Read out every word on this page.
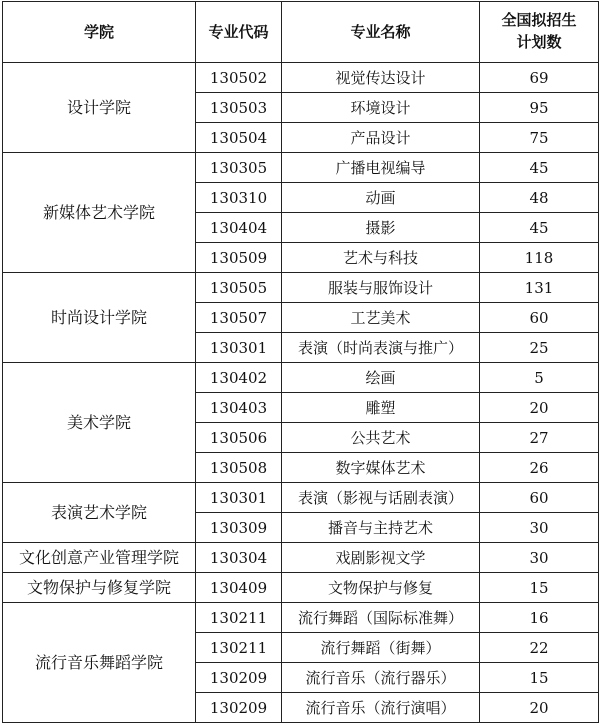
学院	专业代码	专业名称	全国拟招生
计划数
设计学院	130502	视觉传达设计	69
	130503	环境设计	95
	130504	产品设计	75
新媒体艺术学院	130305	广播电视编导	45
	130310	动画	48
	130404	摄影	45
	130509	艺术与科技	118
时尚设计学院	130505	服装与服饰设计	131
	130507	工艺美术	60
	130301	表演（时尚表演与推广）	25
美术学院	130402	绘画	5
	130403	雕塑	20
	130506	公共艺术	27
	130508	数字媒体艺术	26
表演艺术学院	130301	表演（影视与话剧表演）	60
	130309	播音与主持艺术	30
文化创意产业管理学院	130304	戏剧影视文学	30
文物保护与修复学院	130409	文物保护与修复	15
流行音乐舞蹈学院	130211	流行舞蹈（国际标准舞）	16
	130211	流行舞蹈（街舞）	22
	130209	流行音乐（流行器乐）	15
	130209	流行音乐（流行演唱）	20
